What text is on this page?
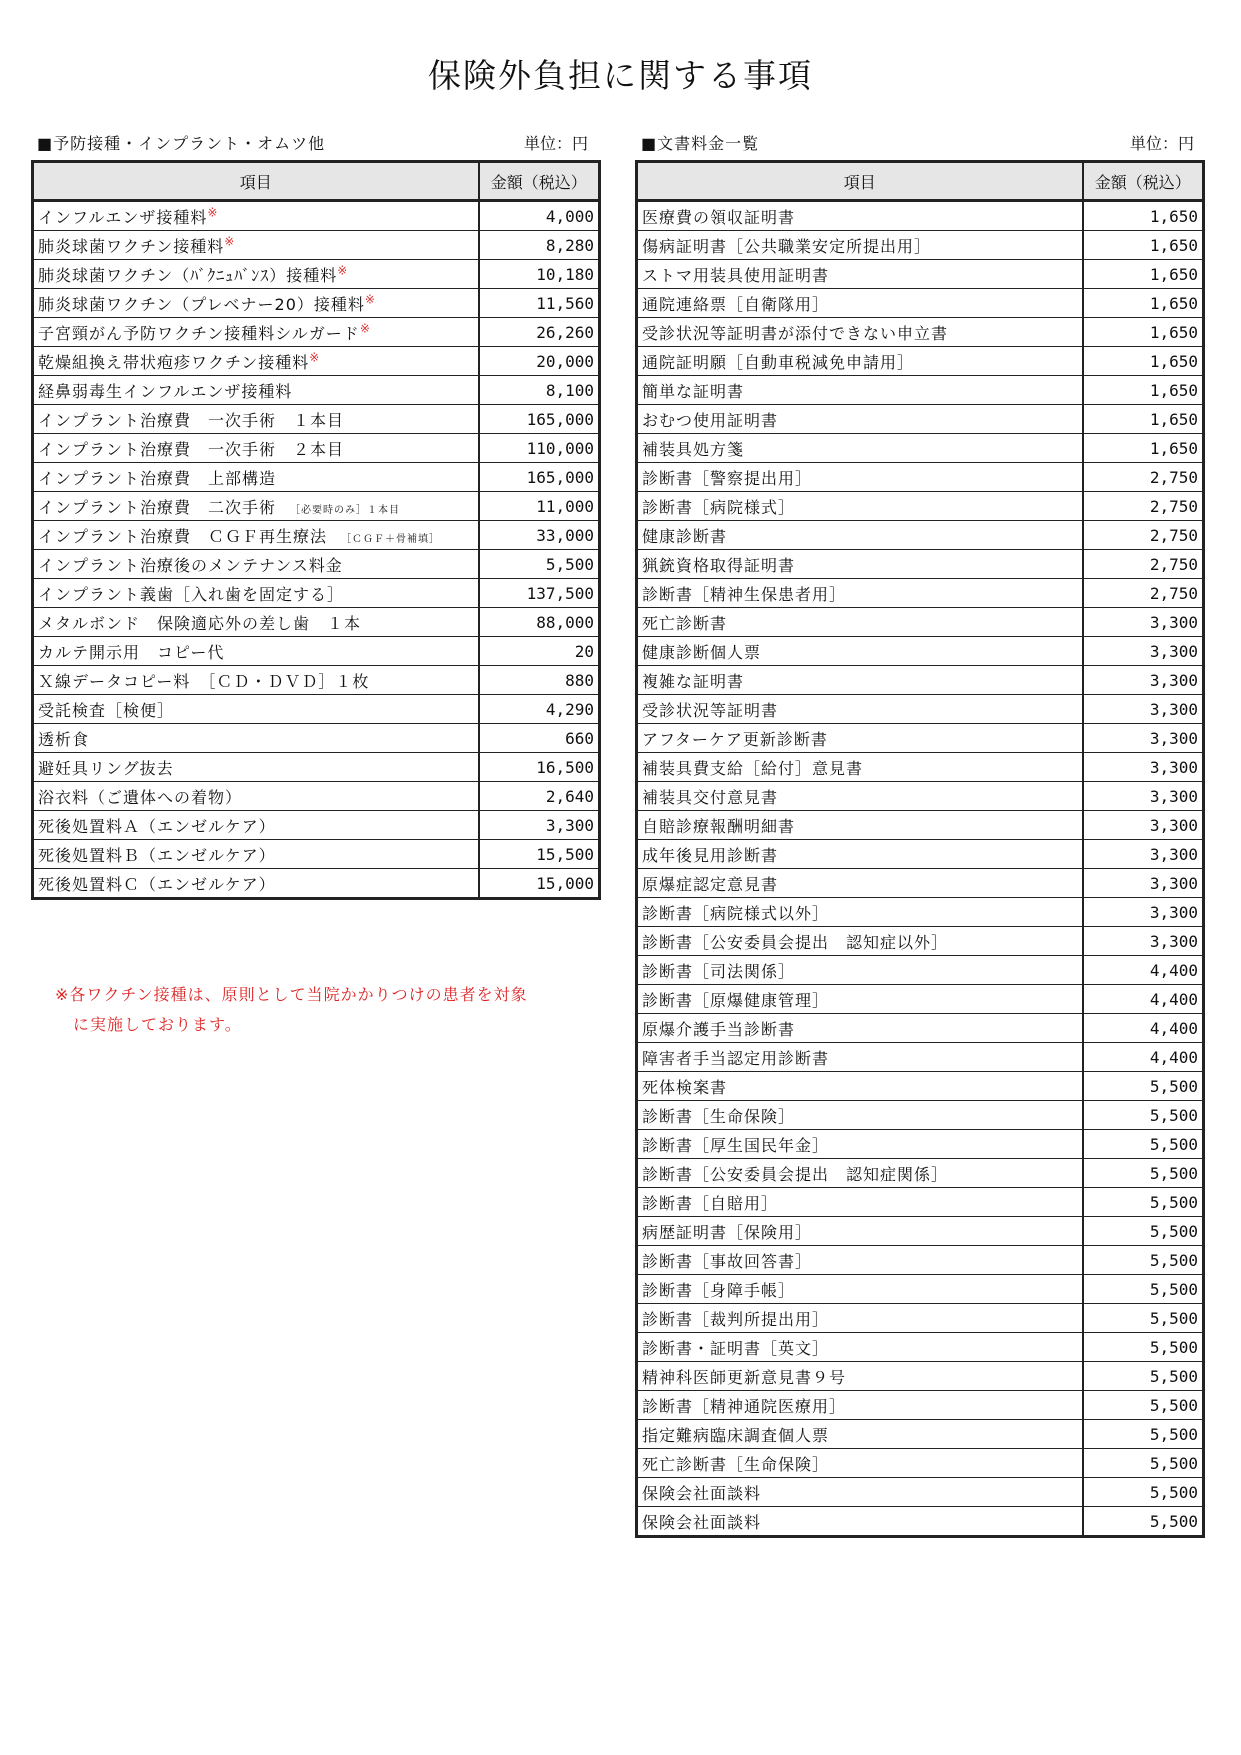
保険外負担に関する事項
■予防接種・インプラント・オムツ他	単位：円	■文書料金一覧	単位：円
項目	金額（税込）
インフルエンザ接種料※	4,000
肺炎球菌ワクチン接種料※	8,280
肺炎球菌ワクチン（ﾊﾞｸﾆｭﾊﾞﾝｽ）接種料※	10,180
肺炎球菌ワクチン（プレベナー20）接種料※	11,560
子宮頸がん予防ワクチン接種料シルガード※	26,260
乾燥組換え帯状疱疹ワクチン接種料※	20,000
経鼻弱毒生インフルエンザ接種料	8,100
インプラント治療費　一次手術　１本目	165,000
インプラント治療費　一次手術　２本目	110,000
インプラント治療費　上部構造	165,000
インプラント治療費　二次手術 ［必要時のみ］１本目	11,000
インプラント治療費　ＣＧＦ再生療法 ［ＣＧＦ＋骨補填］	33,000
インプラント治療後のメンテナンス料金	5,500
インプラント義歯［入れ歯を固定する］	137,500
メタルボンド　保険適応外の差し歯　１本	88,000
カルテ開示用　コピー代	20
Ｘ線データコピー料　［ＣＤ・ＤＶＤ］１枚	880
受託検査［検便］	4,290
透析食	660
避妊具リング抜去	16,500
浴衣料（ご遺体への着物）	2,640
死後処置料Ａ（エンゼルケア）	3,300
死後処置料Ｂ（エンゼルケア）	15,500
死後処置料Ｃ（エンゼルケア）	15,000
項目	金額（税込）
医療費の領収証明書	1,650
傷病証明書［公共職業安定所提出用］	1,650
ストマ用装具使用証明書	1,650
通院連絡票［自衛隊用］	1,650
受診状況等証明書が添付できない申立書	1,650
通院証明願［自動車税減免申請用］	1,650
簡単な証明書	1,650
おむつ使用証明書	1,650
補装具処方箋	1,650
診断書［警察提出用］	2,750
診断書［病院様式］	2,750
健康診断書	2,750
猟銃資格取得証明書	2,750
診断書［精神生保患者用］	2,750
死亡診断書	3,300
健康診断個人票	3,300
複雑な証明書	3,300
受診状況等証明書	3,300
アフターケア更新診断書	3,300
補装具費支給［給付］意見書	3,300
補装具交付意見書	3,300
自賠診療報酬明細書	3,300
成年後見用診断書	3,300
原爆症認定意見書	3,300
診断書［病院様式以外］	3,300
診断書［公安委員会提出　認知症以外］	3,300
診断書［司法関係］	4,400
診断書［原爆健康管理］	4,400
原爆介護手当診断書	4,400
障害者手当認定用診断書	4,400
死体検案書	5,500
診断書［生命保険］	5,500
診断書［厚生国民年金］	5,500
診断書［公安委員会提出　認知症関係］	5,500
診断書［自賠用］	5,500
病歴証明書［保険用］	5,500
診断書［事故回答書］	5,500
診断書［身障手帳］	5,500
診断書［裁判所提出用］	5,500
診断書・証明書［英文］	5,500
精神科医師更新意見書９号	5,500
診断書［精神通院医療用］	5,500
指定難病臨床調査個人票	5,500
死亡診断書［生命保険］	5,500
保険会社面談料	5,500
保険会社面談料	5,500
※各ワクチン接種は、原則として当院かかりつけの患者を対象
に実施しております。
